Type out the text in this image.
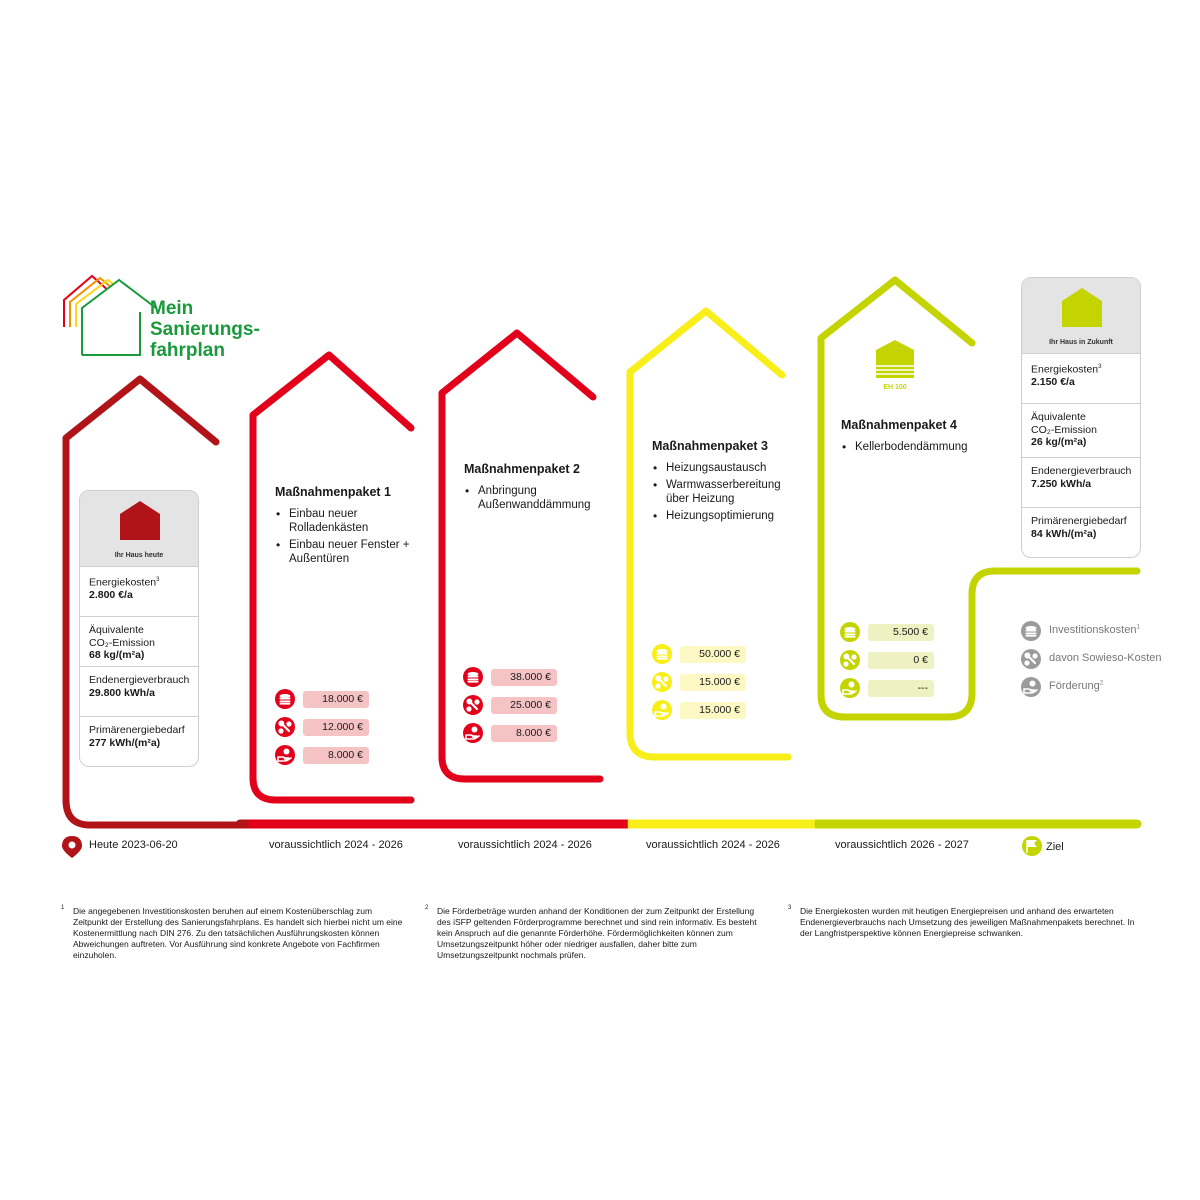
Mein
Sanierungs-
fahrplan
Ihr Haus heute
Energiekosten$^3$
2.800 €/a
Äquivalente
CO₂-Emission
68 kg/(m²a)
Endenergieverbrauch
29.800 kWh/a
Primärenergiebedarf
277 kWh/(m²a)
Ihr Haus in Zukunft
Energiekosten$^3$
2.150 €/a
Äquivalente
CO₂-Emission
26 kg/(m²a)
Endenergieverbrauch
7.250 kWh/a
Primärenergiebedarf
84 kWh/(m²a)
Maßnahmenpaket 1
• Einbau neuer
Rolladenkästen
• Einbau neuer Fenster +
Außentüren
Maßnahmenpaket 2
• Anbringung
Außenwanddämmung
Maßnahmenpaket 3
• Heizungsaustausch
• Warmwasserbereitung
über Heizung
• Heizungsoptimierung
EH 100
Maßnahmenpaket 4
• Kellerbodendämmung
18.000 €
12.000 €
8.000 €
38.000 €
25.000 €
8.000 €
50.000 €
15.000 €
15.000 €
5.500 €
0 €
---
Investitionskosten$^1$
davon Sowieso-Kosten
Förderung$^2$
Heute 2023-06-20	voraussichtlich 2024 - 2026	voraussichtlich 2024 - 2026	voraussichtlich 2024 - 2026	voraussichtlich 2026 - 2027	Ziel
1 Die angegebenen Investitionskosten beruhen auf einem Kostenüberschlag zum Zeitpunkt der Erstellung des Sanierungsfahrplans. Es handelt sich hierbei nicht um eine Kostenermittlung nach DIN 276. Zu den tatsächlichen Ausführungskosten können Abweichungen auftreten. Vor Ausführung sind konkrete Angebote von Fachfirmen einzuholen.
2 Die Förderbeträge wurden anhand der Konditionen der zum Zeitpunkt der Erstellung des iSFP geltenden Förderprogramme berechnet und sind rein informativ. Es besteht kein Anspruch auf die genannte Förderhöhe. Fördermöglichkeiten können zum Umsetzungszeitpunkt höher oder niedriger ausfallen, daher bitte zum Umsetzungszeitpunkt nochmals prüfen.
3 Die Energiekosten wurden mit heutigen Energiepreisen und anhand des erwarteten Endenergieverbrauchs nach Umsetzung des jeweiligen Maßnahmenpakets berechnet. In der Langfristperspektive können Energiepreise schwanken.
